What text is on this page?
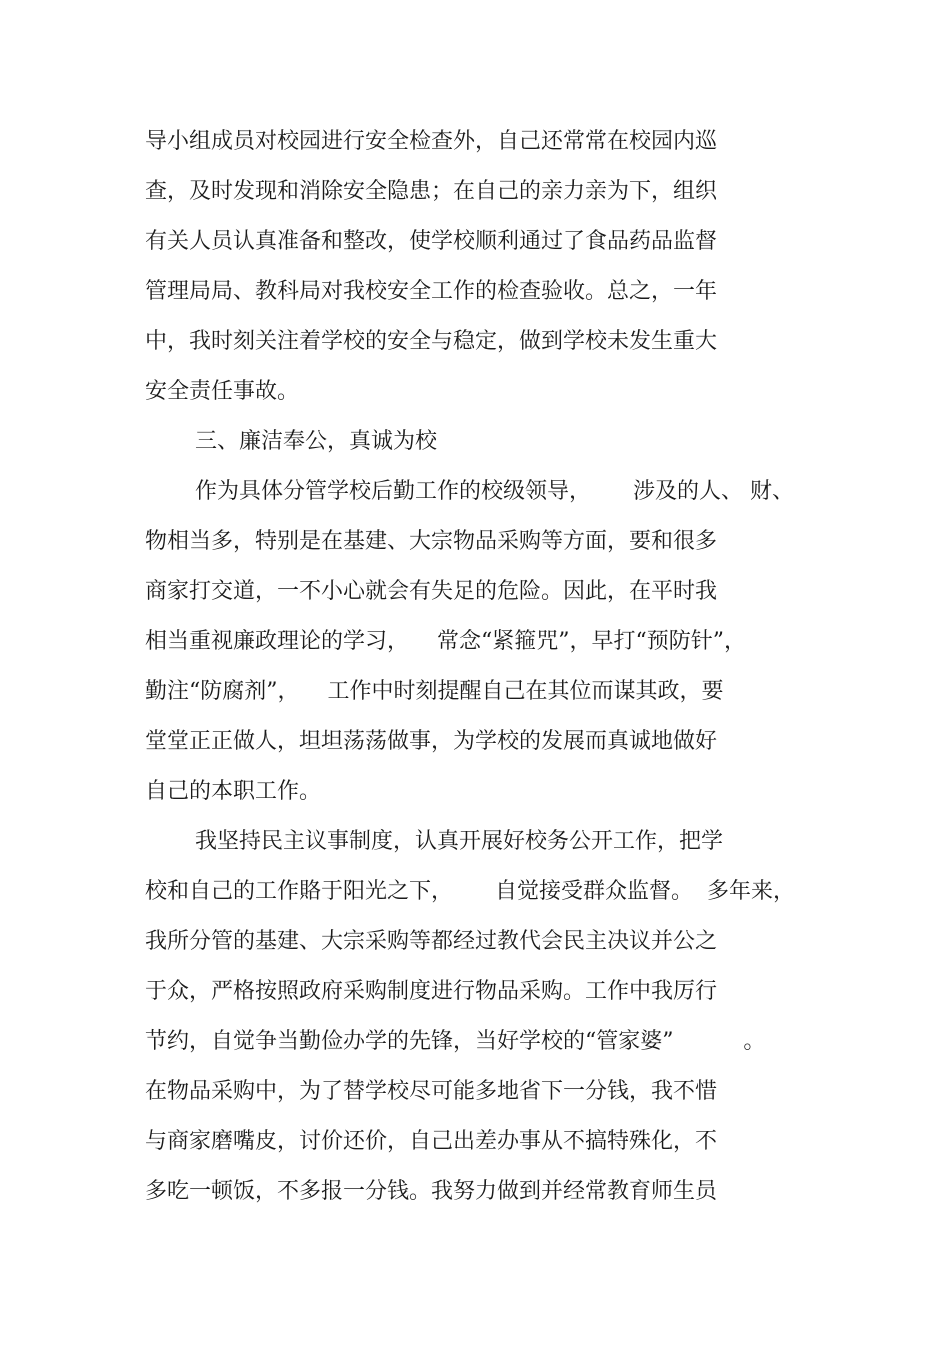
导小组成员对校园进行安全检查外，自己还常常在校园内巡
查，及时发现和消除安全隐患；在自己的亲力亲为下，组织
有关人员认真准备和整改，使学校顺利通过了食品药品监督
管理局局、教科局对我校安全工作的检查验收。总之，一年
中，我时刻关注着学校的安全与稳定，做到学校未发生重大
安全责任事故。
三、廉洁奉公，真诚为校
作为具体分管学校后勤工作的校级领导，      涉及的人、 财、
物相当多，特别是在基建、大宗物品采购等方面，要和很多
商家打交道，一不小心就会有失足的危险。因此，在平时我
相当重视廉政理论的学习，    常念“紧箍咒”，早打“预防针”，
勤注“防腐剂”，    工作中时刻提醒自己在其位而谋其政，要
堂堂正正做人，坦坦荡荡做事，为学校的发展而真诚地做好
自己的本职工作。
我坚持民主议事制度，认真开展好校务公开工作，把学
校和自己的工作賂于阳光之下，      自觉接受群众监督。  多年来，
我所分管的基建、大宗采购等都经过教代会民主决议并公之
于众，严格按照政府采购制度进行物品采购。工作中我厉行
节约，自觉争当勤俭办学的先锋，当好学校的“管家婆”          。
在物品采购中，为了替学校尽可能多地省下一分钱，我不惜
与商家磨嘴皮，讨价还价，自己出差办事从不搞特殊化，不
多吃一顿饭，不多报一分钱。我努力做到并经常教育师生员
